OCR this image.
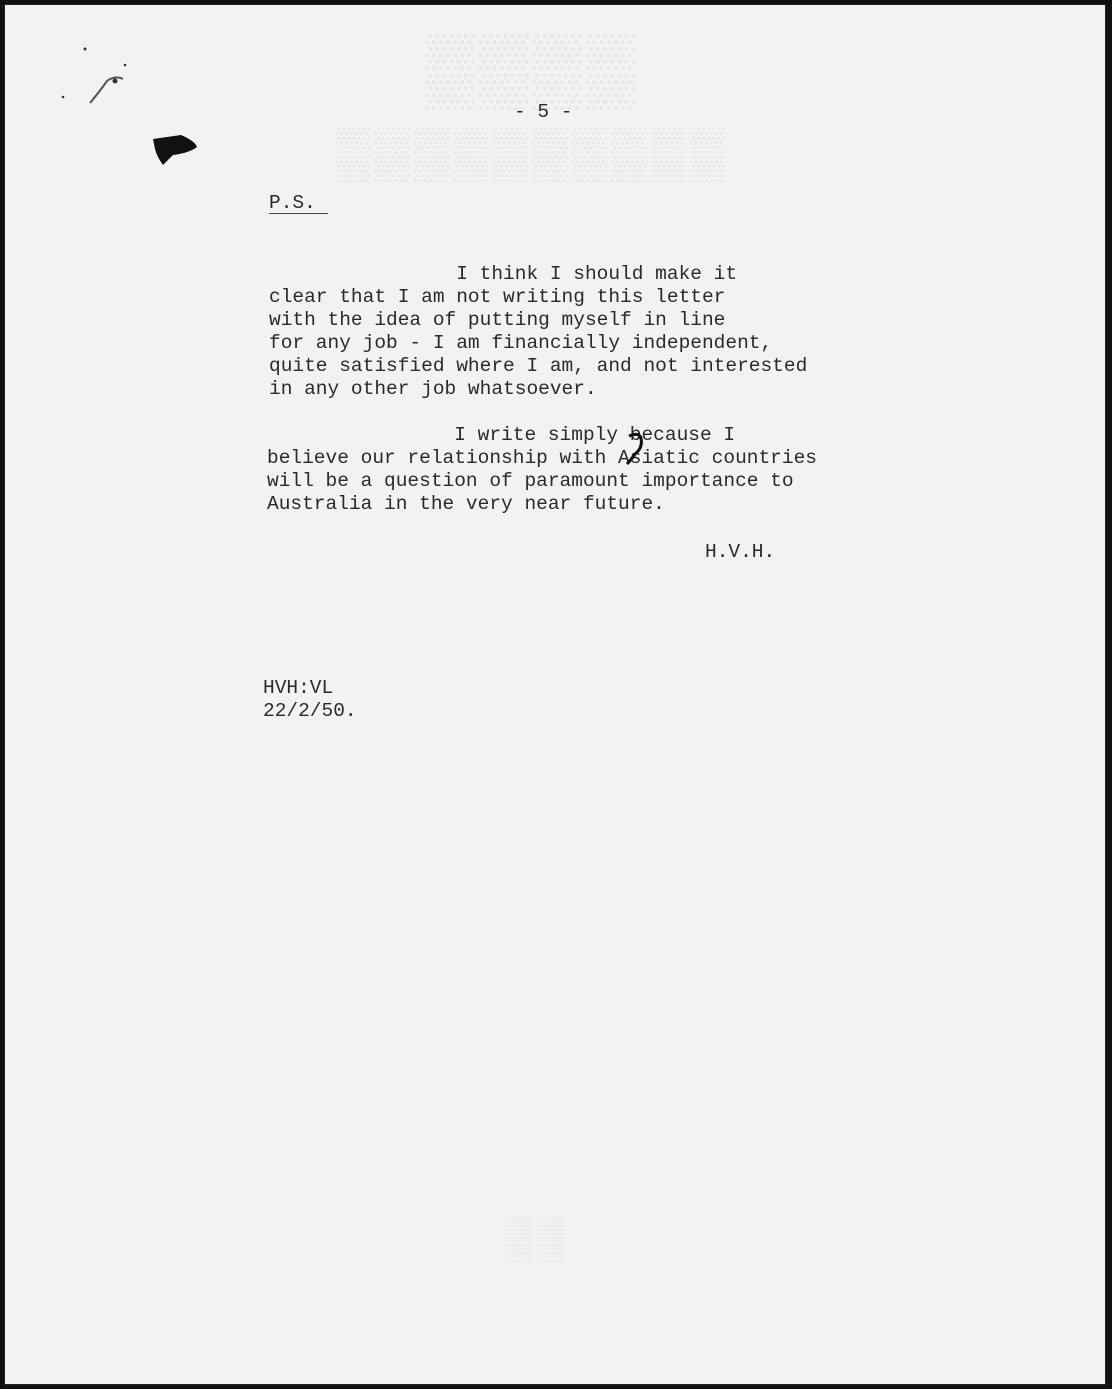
- 5 -
P.S.
I think I should make it
clear that I am not writing this letter
with the idea of putting myself in line
for any job - I am financially independent,
quite satisfied where I am, and not interested
in any other job whatsoever.
I write simply because I
believe our relationship with Asiatic countries
will be a question of paramount importance to
Australia in the very near future.
H.V.H.
HVH:VL
22/2/50.
